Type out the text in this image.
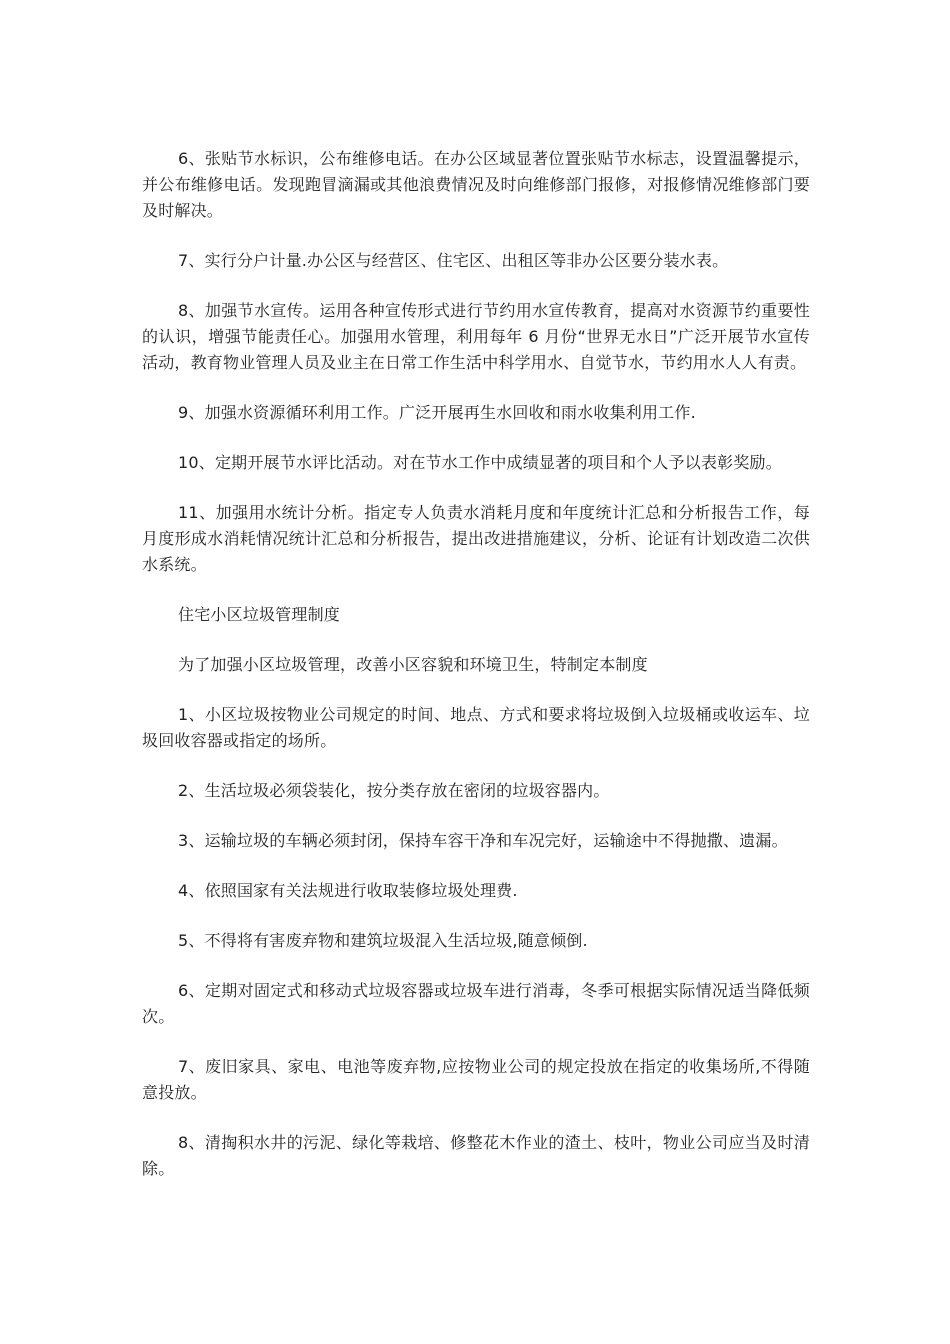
6、张贴节水标识，公布维修电话。在办公区域显著位置张贴节水标志，设置温馨提示，并公布维修电话。发现跑冒滴漏或其他浪费情况及时向维修部门报修，对报修情况维修部门要及时解决。

7、实行分户计量.办公区与经营区、住宅区、出租区等非办公区要分装水表。

8、加强节水宣传。运用各种宣传形式进行节约用水宣传教育，提高对水资源节约重要性的认识，增强节能责任心。加强用水管理，利用每年 6 月份“世界无水日”广泛开展节水宣传活动，教育物业管理人员及业主在日常工作生活中科学用水、自觉节水，节约用水人人有责。

9、加强水资源循环利用工作。广泛开展再生水回收和雨水收集利用工作.

10、定期开展节水评比活动。对在节水工作中成绩显著的项目和个人予以表彰奖励。

11、加强用水统计分析。指定专人负责水消耗月度和年度统计汇总和分析报告工作，每月度形成水消耗情况统计汇总和分析报告，提出改进措施建议，分析、论证有计划改造二次供水系统。

住宅小区垃圾管理制度

为了加强小区垃圾管理，改善小区容貌和环境卫生，特制定本制度

1、小区垃圾按物业公司规定的时间、地点、方式和要求将垃圾倒入垃圾桶或收运车、垃圾回收容器或指定的场所。

2、生活垃圾必须袋装化，按分类存放在密闭的垃圾容器内。

3、运输垃圾的车辆必须封闭，保持车容干净和车况完好，运输途中不得抛撒、遗漏。

4、依照国家有关法规进行收取装修垃圾处理费.

5、不得将有害废弃物和建筑垃圾混入生活垃圾,随意倾倒.

6、定期对固定式和移动式垃圾容器或垃圾车进行消毒，冬季可根据实际情况适当降低频次。

7、废旧家具、家电、电池等废弃物,应按物业公司的规定投放在指定的收集场所,不得随意投放。

8、清掏积水井的污泥、绿化等栽培、修整花木作业的渣土、枝叶，物业公司应当及时清除。
